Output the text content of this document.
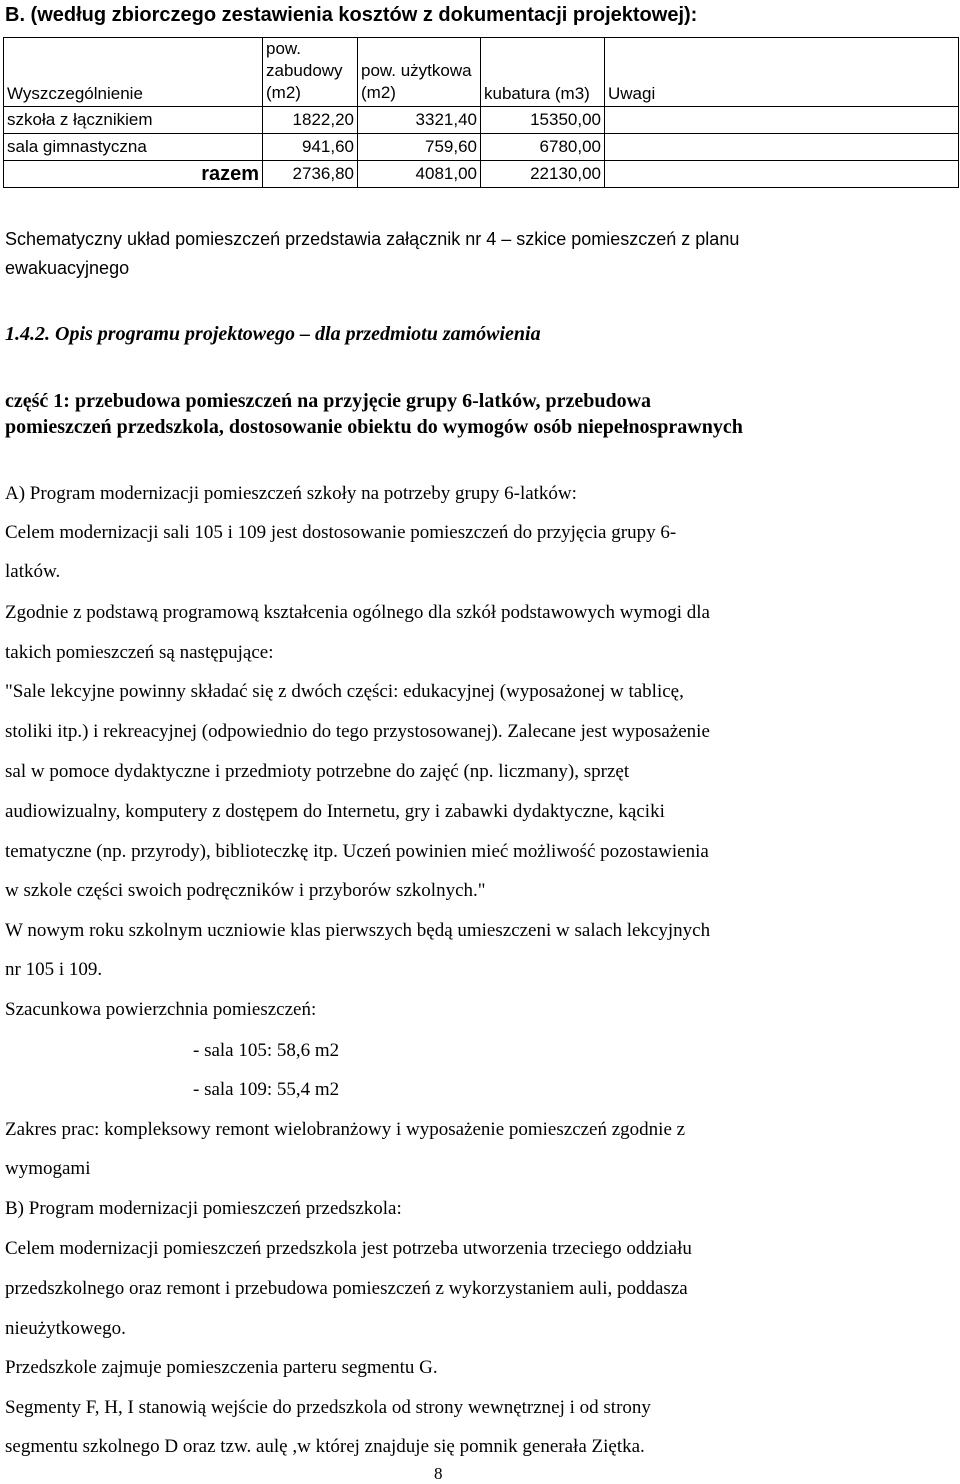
B. (według zbiorczego zestawienia kosztów z dokumentacji projektowej):
Wyszczególnienie	pow. zabudowy (m2)	pow. użytkowa (m2)	kubatura (m3)	Uwagi
szkoła z łącznikiem	1822,20	3321,40	15350,00	
sala gimnastyczna	941,60	759,60	6780,00	
razem	2736,80	4081,00	22130,00	
Schematyczny układ pomieszczeń przedstawia załącznik nr 4 – szkice pomieszczeń z planu
ewakuacyjnego
1.4.2. Opis programu projektowego – dla przedmiotu zamówienia
część 1: przebudowa pomieszczeń na przyjęcie grupy 6-latków, przebudowa
pomieszczeń przedszkola, dostosowanie obiektu do wymogów osób niepełnosprawnych
A) Program modernizacji pomieszczeń szkoły na potrzeby grupy 6-latków:
Celem modernizacji sali 105 i 109 jest dostosowanie pomieszczeń do przyjęcia grupy 6-
latków.
Zgodnie z podstawą programową kształcenia ogólnego dla szkół podstawowych wymogi dla
takich pomieszczeń są następujące:
"Sale lekcyjne powinny składać się z dwóch części: edukacyjnej (wyposażonej w tablicę,
stoliki itp.) i rekreacyjnej (odpowiednio do tego przystosowanej). Zalecane jest wyposażenie
sal w pomoce dydaktyczne i przedmioty potrzebne do zajęć (np. liczmany), sprzęt
audiowizualny, komputery z dostępem do Internetu, gry i zabawki dydaktyczne, kąciki
tematyczne (np. przyrody), biblioteczkę itp. Uczeń powinien mieć możliwość pozostawienia
w szkole części swoich podręczników i przyborów szkolnych."
W nowym roku szkolnym uczniowie klas pierwszych będą umieszczeni w salach lekcyjnych
nr 105 i 109.
Szacunkowa powierzchnia pomieszczeń:
- sala 105: 58,6 m2
- sala 109: 55,4 m2
Zakres prac: kompleksowy remont wielobranżowy i wyposażenie pomieszczeń zgodnie z
wymogami
B) Program modernizacji pomieszczeń przedszkola:
Celem modernizacji pomieszczeń przedszkola jest potrzeba utworzenia trzeciego oddziału
przedszkolnego oraz remont i przebudowa pomieszczeń z wykorzystaniem auli, poddasza
nieużytkowego.
Przedszkole zajmuje pomieszczenia parteru segmentu G.
Segmenty F, H, I stanowią wejście do przedszkola od strony wewnętrznej i od strony
segmentu szkolnego D oraz tzw. aulę ,w której znajduje się pomnik generała Ziętka.
8
